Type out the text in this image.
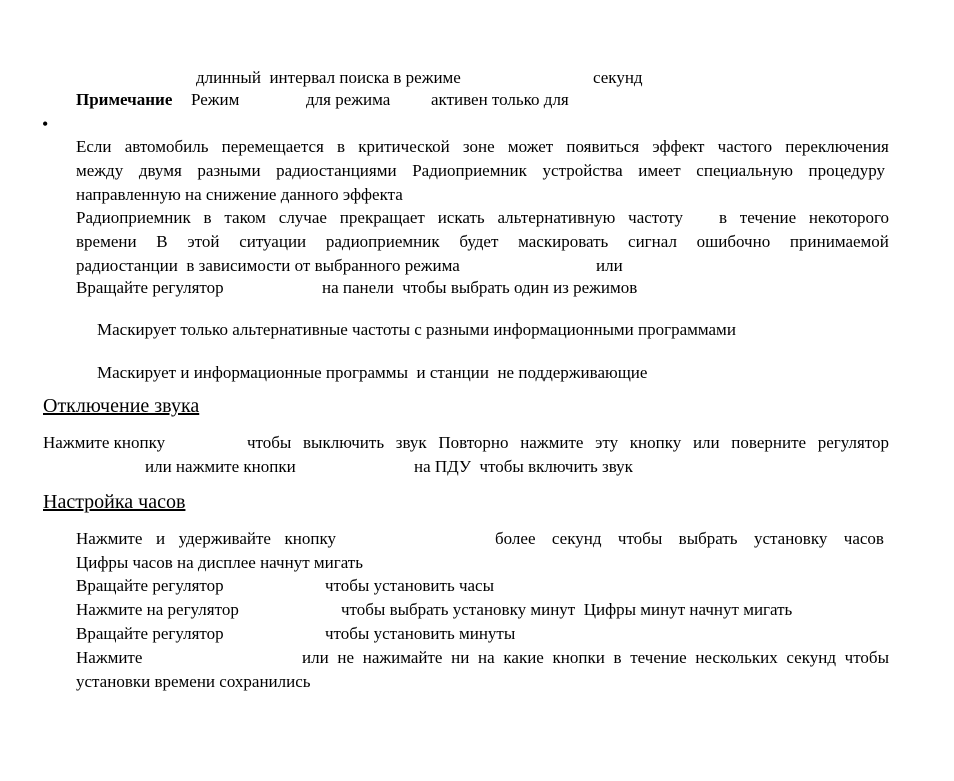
длинный  интервал поиска в режиме	секунд
Примечание Режим	для режима активен только для
•
Если автомобиль перемещается в критической зоне может появиться эффект частого переключения
между двумя разными радиостанциями Радиоприемник устройства имеет специальную процедуру
направленную на снижение данного эффекта
Радиоприемник в таком случае прекращает искать альтернативную частоту в течение некоторого
времени В этой ситуации радиоприемник будет маскировать сигнал ошибочно принимаемой
радиостанции  в зависимости от выбранного режима	или
Вращайте регулятор	на панели  чтобы выбрать один из режимов
Маскирует только альтернативные частоты с разными информационными программами
Маскирует и информационные программы  и станции  не поддерживающие
Отключение звука
Нажмите кнопку	чтобы выключить звук Повторно нажмите эту кнопку или поверните регулятор
или нажмите кнопки	на ПДУ  чтобы включить звук
Настройка часов
Нажмите и удерживайте кнопку	более секунд чтобы выбрать установку часов
Цифры часов на дисплее начнут мигать
Вращайте регулятор	чтобы установить часы
Нажмите на регулятор	чтобы выбрать установку минут  Цифры минут начнут мигать
Вращайте регулятор	чтобы установить минуты
Нажмите	или не нажимайте ни на какие кнопки в течение нескольких секунд чтобы
установки времени сохранились
